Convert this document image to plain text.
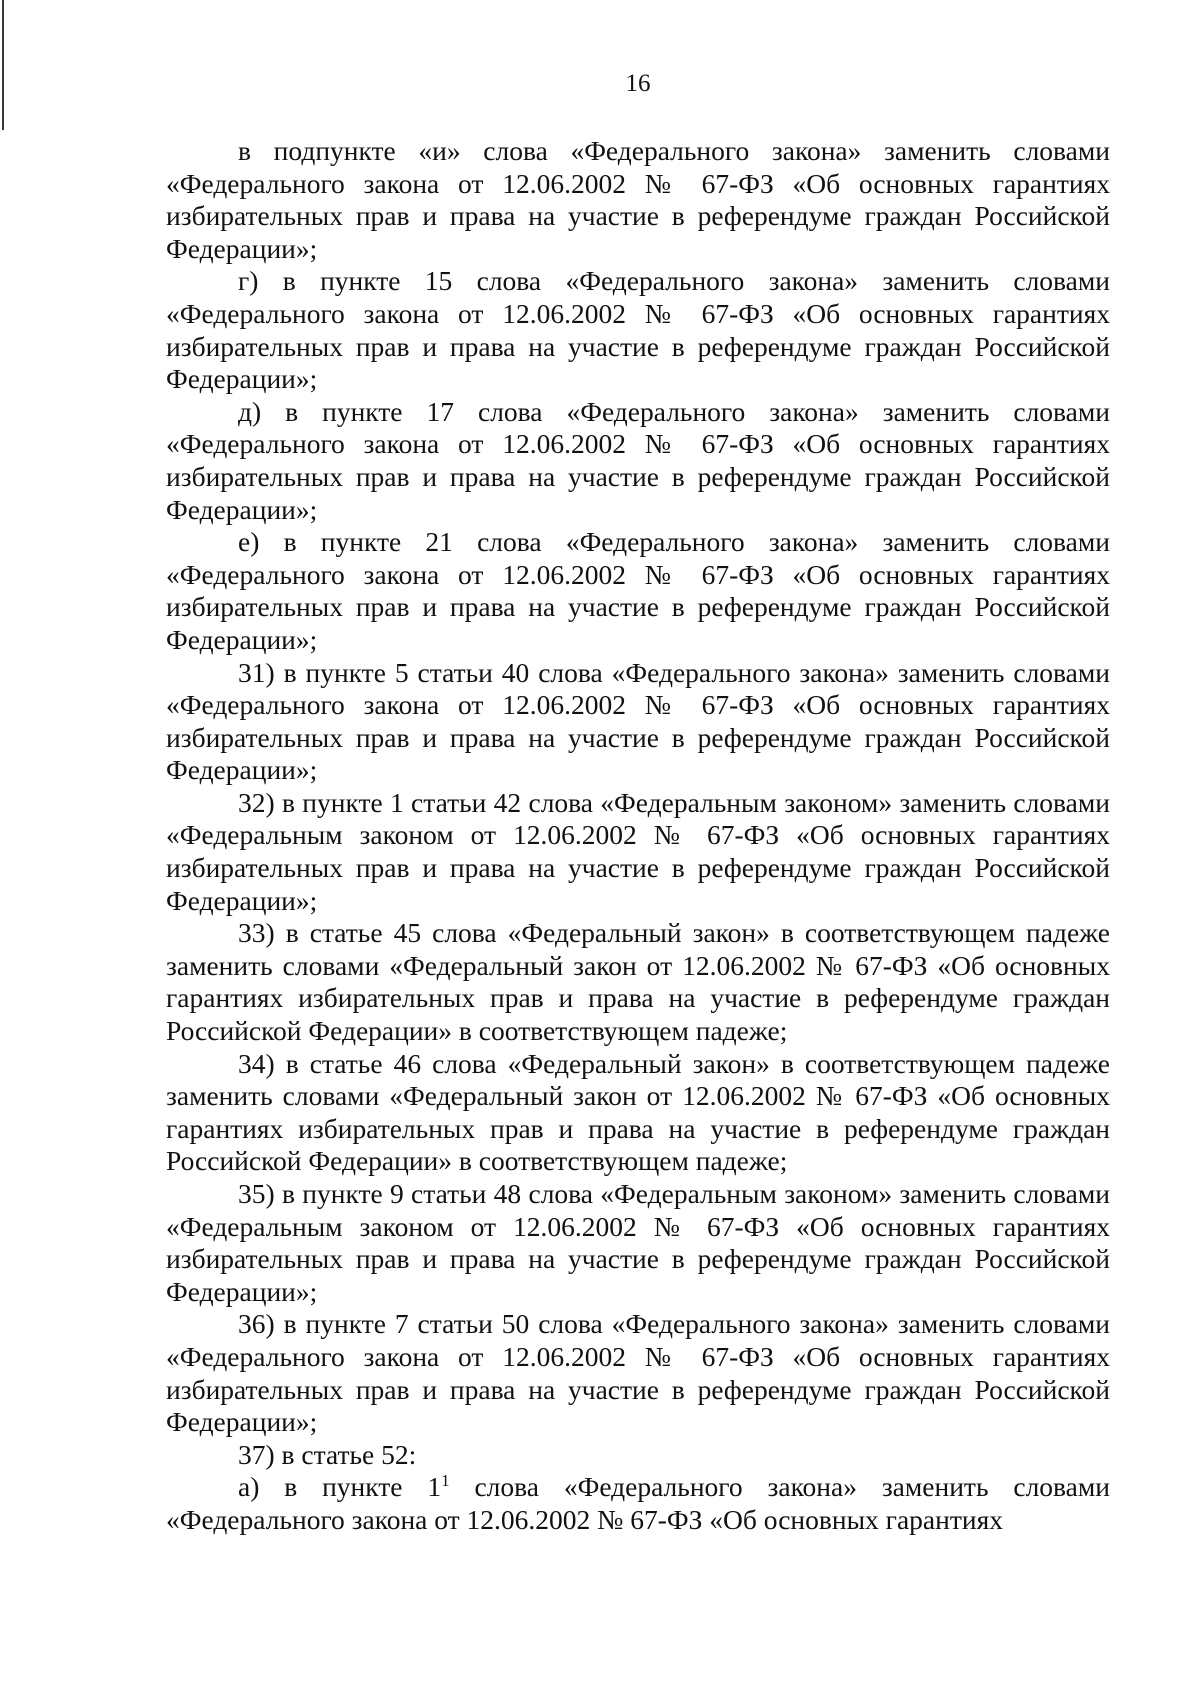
16

в подпункте «и» слова «Федерального закона» заменить словами «Федерального закона от 12.06.2002 № 67-ФЗ «Об основных гарантиях избирательных прав и права на участие в референдуме граждан Российской Федерации»;

г) в пункте 15 слова «Федерального закона» заменить словами «Федерального закона от 12.06.2002 № 67-ФЗ «Об основных гарантиях избирательных прав и права на участие в референдуме граждан Российской Федерации»;

д) в пункте 17 слова «Федерального закона» заменить словами «Федерального закона от 12.06.2002 № 67-ФЗ «Об основных гарантиях избирательных прав и права на участие в референдуме граждан Российской Федерации»;

е) в пункте 21 слова «Федерального закона» заменить словами «Федерального закона от 12.06.2002 № 67-ФЗ «Об основных гарантиях избирательных прав и права на участие в референдуме граждан Российской Федерации»;

31) в пункте 5 статьи 40 слова «Федерального закона» заменить словами «Федерального закона от 12.06.2002 № 67-ФЗ «Об основных гарантиях избирательных прав и права на участие в референдуме граждан Российской Федерации»;

32) в пункте 1 статьи 42 слова «Федеральным законом» заменить словами «Федеральным законом от 12.06.2002 № 67-ФЗ «Об основных гарантиях избирательных прав и права на участие в референдуме граждан Российской Федерации»;

33) в статье 45 слова «Федеральный закон» в соответствующем падеже заменить словами «Федеральный закон от 12.06.2002 № 67-ФЗ «Об основных гарантиях избирательных прав и права на участие в референдуме граждан Российской Федерации» в соответствующем падеже;

34) в статье 46 слова «Федеральный закон» в соответствующем падеже заменить словами «Федеральный закон от 12.06.2002 № 67-ФЗ «Об основных гарантиях избирательных прав и права на участие в референдуме граждан Российской Федерации» в соответствующем падеже;

35) в пункте 9 статьи 48 слова «Федеральным законом» заменить словами «Федеральным законом от 12.06.2002 № 67-ФЗ «Об основных гарантиях избирательных прав и права на участие в референдуме граждан Российской Федерации»;

36) в пункте 7 статьи 50 слова «Федерального закона» заменить словами «Федерального закона от 12.06.2002 № 67-ФЗ «Об основных гарантиях избирательных прав и права на участие в референдуме граждан Российской Федерации»;

37) в статье 52:

а) в пункте $1^1$ слова «Федерального закона» заменить словами «Федерального закона от 12.06.2002 № 67-ФЗ «Об основных гарантиях
